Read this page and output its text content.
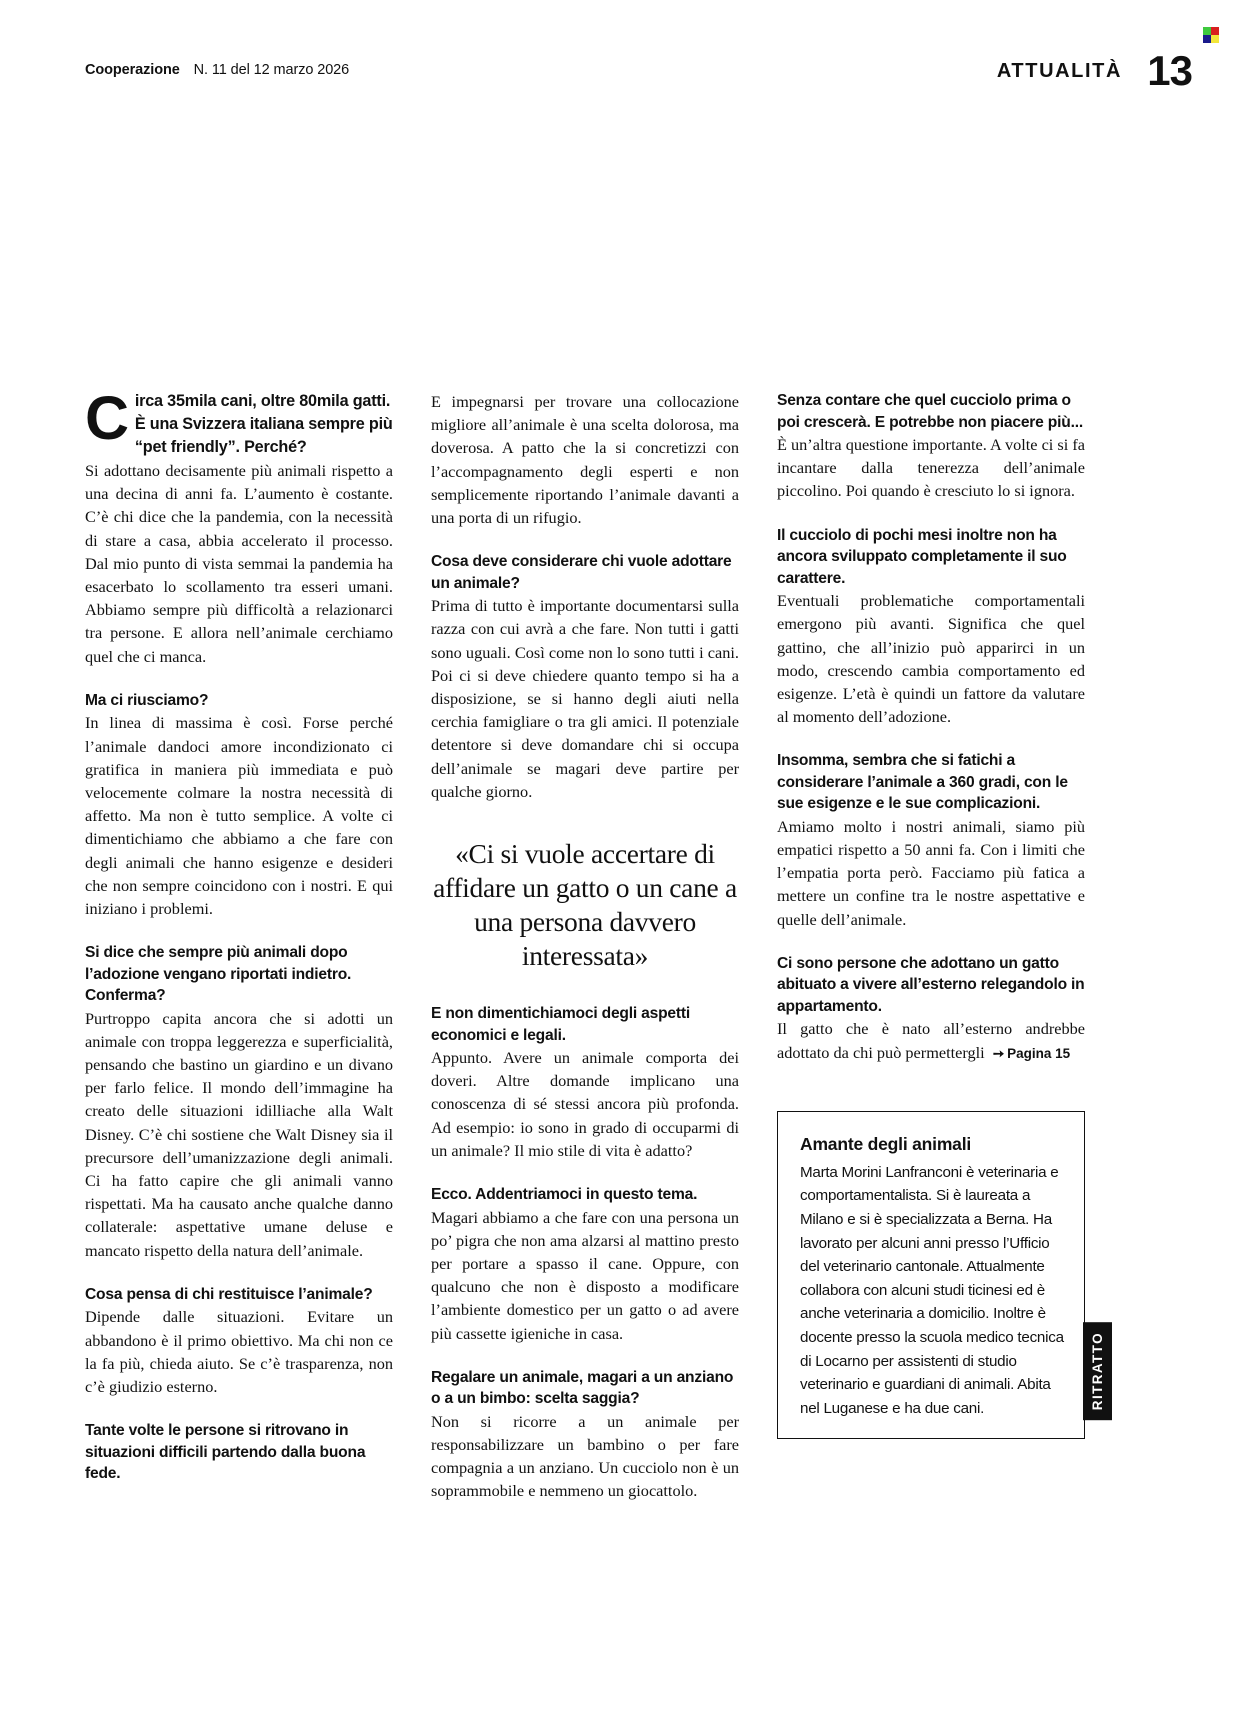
Cooperazione N. 11 del 12 marzo 2026	ATTUALITÀ 13

Circa 35mila cani, oltre 80mila gatti. È una Svizzera italiana sempre più “pet friendly”. Perché?

Si adottano decisamente più animali rispetto a una decina di anni fa. L’aumento è costante. C’è chi dice che la pandemia, con la necessità di stare a casa, abbia accelerato il processo. Dal mio punto di vista semmai la pandemia ha esacerbato lo scollamento tra esseri umani. Abbiamo sempre più difficoltà a relazionarci tra persone. E allora nell’animale cerchiamo quel che ci manca.

Ma ci riusciamo?

In linea di massima è così. Forse perché l’animale dandoci amore incondizionato ci gratifica in maniera più immediata e può velocemente colmare la nostra necessità di affetto. Ma non è tutto semplice. A volte ci dimentichiamo che abbiamo a che fare con degli animali che hanno esigenze e desideri che non sempre coincidono con i nostri. E qui iniziano i problemi.

Si dice che sempre più animali dopo l’adozione vengano riportati indietro. Conferma?

Purtroppo capita ancora che si adotti un animale con troppa leggerezza e superficialità, pensando che bastino un giardino e un divano per farlo felice. Il mondo dell’immagine ha creato delle situazioni idilliache alla Walt Disney. C’è chi sostiene che Walt Disney sia il precursore dell’umanizzazione degli animali. Ci ha fatto capire che gli animali vanno rispettati. Ma ha causato anche qualche danno collaterale: aspettative umane deluse e mancato rispetto della natura dell’animale.

Cosa pensa di chi restituisce l’animale?

Dipende dalle situazioni. Evitare un abbandono è il primo obiettivo. Ma chi non ce la fa più, chieda aiuto. Se c’è trasparenza, non c’è giudizio esterno.

Tante volte le persone si ritrovano in situazioni difficili partendo dalla buona fede.

E impegnarsi per trovare una collocazione migliore all’animale è una scelta dolorosa, ma doverosa. A patto che la si concretizzi con l’accompagnamento degli esperti e non semplicemente riportando l’animale davanti a una porta di un rifugio.

Cosa deve considerare chi vuole adottare un animale?

Prima di tutto è importante documentarsi sulla razza con cui avrà a che fare. Non tutti i gatti sono uguali. Così come non lo sono tutti i cani. Poi ci si deve chiedere quanto tempo si ha a disposizione, se si hanno degli aiuti nella cerchia famigliare o tra gli amici. Il potenziale detentore si deve domandare chi si occupa dell’animale se magari deve partire per qualche giorno.

«Ci si vuole accertare di affidare un gatto o un cane a una persona davvero interessata»
E non dimentichiamoci degli aspetti economici e legali.

Appunto. Avere un animale comporta dei doveri. Altre domande implicano una conoscenza di sé stessi ancora più profonda. Ad esempio: io sono in grado di occuparmi di un animale? Il mio stile di vita è adatto?

Ecco. Addentriamoci in questo tema.

Magari abbiamo a che fare con una persona un po’ pigra che non ama alzarsi al mattino presto per portare a spasso il cane. Oppure, con qualcuno che non è disposto a modificare l’ambiente domestico per un gatto o ad avere più cassette igieniche in casa.

Regalare un animale, magari a un anziano o a un bimbo: scelta saggia?

Non si ricorre a un animale per responsabilizzare un bambino o per fare compagnia a un anziano. Un cucciolo non è un soprammobile e nemmeno un giocattolo.

Senza contare che quel cucciolo prima o poi crescerà. E potrebbe non piacere più...

È un’altra questione importante. A volte ci si fa incantare dalla tenerezza dell’animale piccolino. Poi quando è cresciuto lo si ignora.

Il cucciolo di pochi mesi inoltre non ha ancora sviluppato completamente il suo carattere.

Eventuali problematiche comportamentali emergono più avanti. Significa che quel gattino, che all’inizio può apparirci in un modo, crescendo cambia comportamento ed esigenze. L’età è quindi un fattore da valutare al momento dell’adozione.

Insomma, sembra che si fatichi a considerare l’animale a 360 gradi, con le sue esigenze e le sue complicazioni.

Amiamo molto i nostri animali, siamo più empatici rispetto a 50 anni fa. Con i limiti che l’empatia porta però. Facciamo più fatica a mettere un confine tra le nostre aspettative e quelle dell’animale.

Ci sono persone che adottano un gatto abituato a vivere all’esterno relegandolo in appartamento.

Il gatto che è nato all’esterno andrebbe adottato da chi può permettergli ➙ Pagina 15

Amante degli animali

Marta Morini Lanfranconi è veterinaria e comportamentalista. Si è laureata a Milano e si è specializzata a Berna. Ha lavorato per alcuni anni presso l’Ufficio del veterinario cantonale. Attualmente collabora con alcuni studi ticinesi ed è anche veterinaria a domicilio. Inoltre è docente presso la scuola medico tecnica di Locarno per assistenti di studio veterinario e guardiani di animali. Abita nel Luganese e ha due cani.	RITRATTO
